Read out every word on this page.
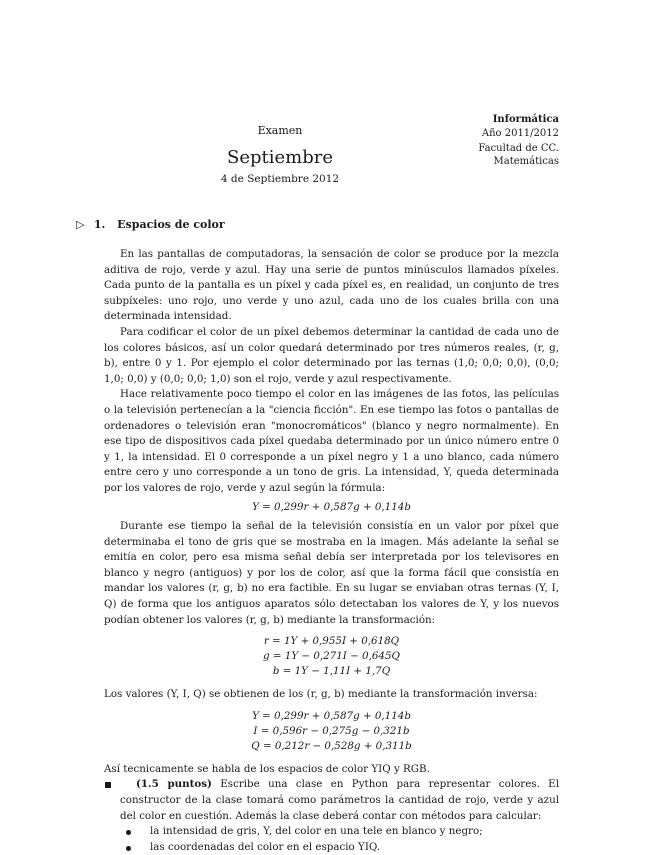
Examen
Septiembre
4 de Septiembre 2012
Informática
Año 2011/2012
Facultad de CC. Matemáticas
▷ 1. Espacios de color

En las pantallas de computadoras, la sensación de color se produce por la mezcla aditiva de rojo, verde y azul. Hay una serie de puntos minúsculos llamados píxeles. Cada punto de la pantalla es un píxel y cada píxel es, en realidad, un conjunto de tres subpíxeles: uno rojo, uno verde y uno azul, cada uno de los cuales brilla con una determinada intensidad.

Para codificar el color de un píxel debemos determinar la cantidad de cada uno de los colores básicos, así un color quedará determinado por tres números reales, (r, g, b), entre 0 y 1. Por ejemplo el color determinado por las ternas (1,0; 0,0; 0,0), (0,0; 1,0; 0,0) y (0,0; 0,0; 1,0) son el rojo, verde y azul respectivamente.

Hace relativamente poco tiempo el color en las imágenes de las fotos, las películas o la televisión pertenecían a la "ciencia ficción". En ese tiempo las fotos o pantallas de ordenadores o televisión eran "monocromáticos" (blanco y negro normalmente). En ese tipo de dispositivos cada píxel quedaba determinado por un único número entre 0 y 1, la intensidad. El 0 corresponde a un píxel negro y 1 a uno blanco, cada número entre cero y uno corresponde a un tono de gris. La intensidad, Y, queda determinada por los valores de rojo, verde y azul según la fórmula:

Y = 0,299r + 0,587g + 0,114b

Durante ese tiempo la señal de la televisión consistía en un valor por píxel que determinaba el tono de gris que se mostraba en la imagen. Más adelante la señal se emitía en color, pero esa misma señal debía ser interpretada por los televisores en blanco y negro (antiguos) y por los de color, así que la forma fácil que consistía en mandar los valores (r, g, b) no era factible. En su lugar se enviaban otras ternas (Y, I, Q) de forma que los antiguos aparatos sólo detectaban los valores de Y, y los nuevos podían obtener los valores (r, g, b) mediante la transformación:

r = 1Y + 0,955I + 0,618Q
g = 1Y − 0,271I − 0,645Q
b = 1Y − 1,11I + 1,7Q

Los valores (Y, I, Q) se obtienen de los (r, g, b) mediante la transformación inversa:

Y = 0,299r + 0,587g + 0,114b
I = 0,596r − 0,275g − 0,321b
Q = 0,212r − 0,528g + 0,311b

Así tecnicamente se habla de los espacios de color YIQ y RGB.

(1.5 puntos) Escribe una clase en Python para representar colores. El constructor de la clase tomará como parámetros la cantidad de rojo, verde y azul del color en cuestión. Además la clase deberá contar con métodos para calcular:

la intensidad de gris, Y, del color en una tele en blanco y negro;

las coordenadas del color en el espacio YIQ.
